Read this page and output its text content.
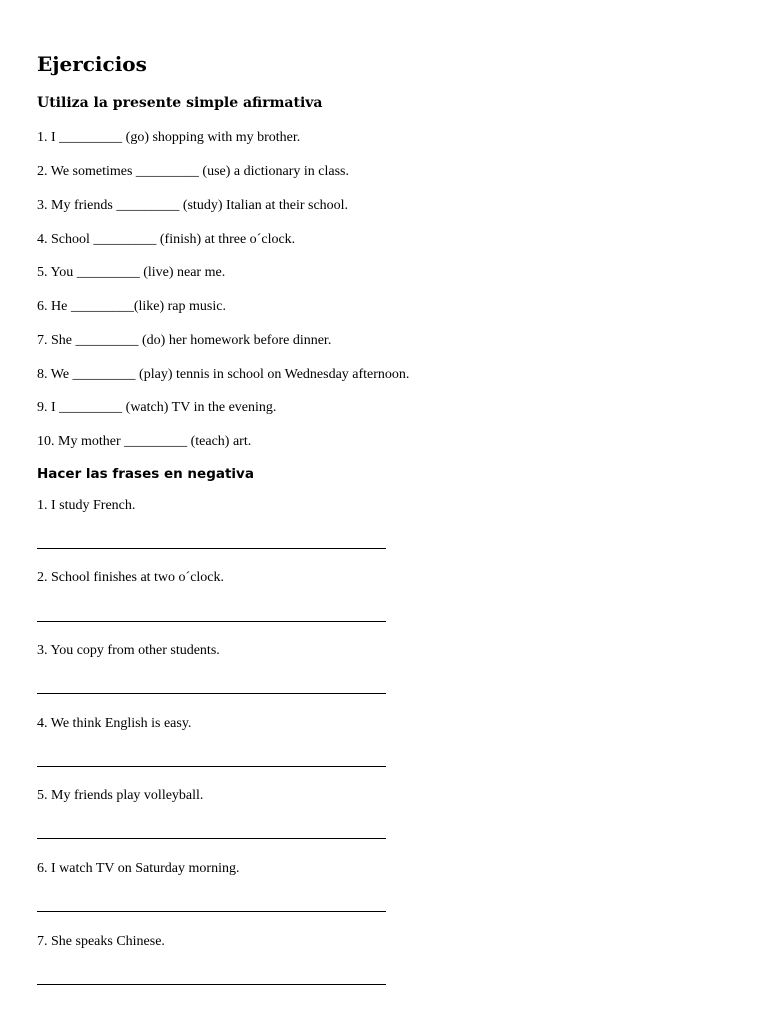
Ejercicios
Utiliza la presente simple afirmativa
1. I _________ (go) shopping with my brother.
2. We sometimes _________ (use) a dictionary in class.
3. My friends _________ (study) Italian at their school.
4. School _________ (finish) at three o´clock.
5. You _________ (live) near me.
6. He _________(like) rap music.
7. She _________ (do) her homework before dinner.
8. We _________ (play) tennis in school on Wednesday afternoon.
9. I _________ (watch) TV in the evening.
10. My mother _________ (teach) art.
Hacer las frases en negativa
1. I study French.
2. School finishes at two o´clock.
3. You copy from other students.
4. We think English is easy.
5. My friends play volleyball.
6. I watch TV on Saturday morning.
7. She speaks Chinese.
